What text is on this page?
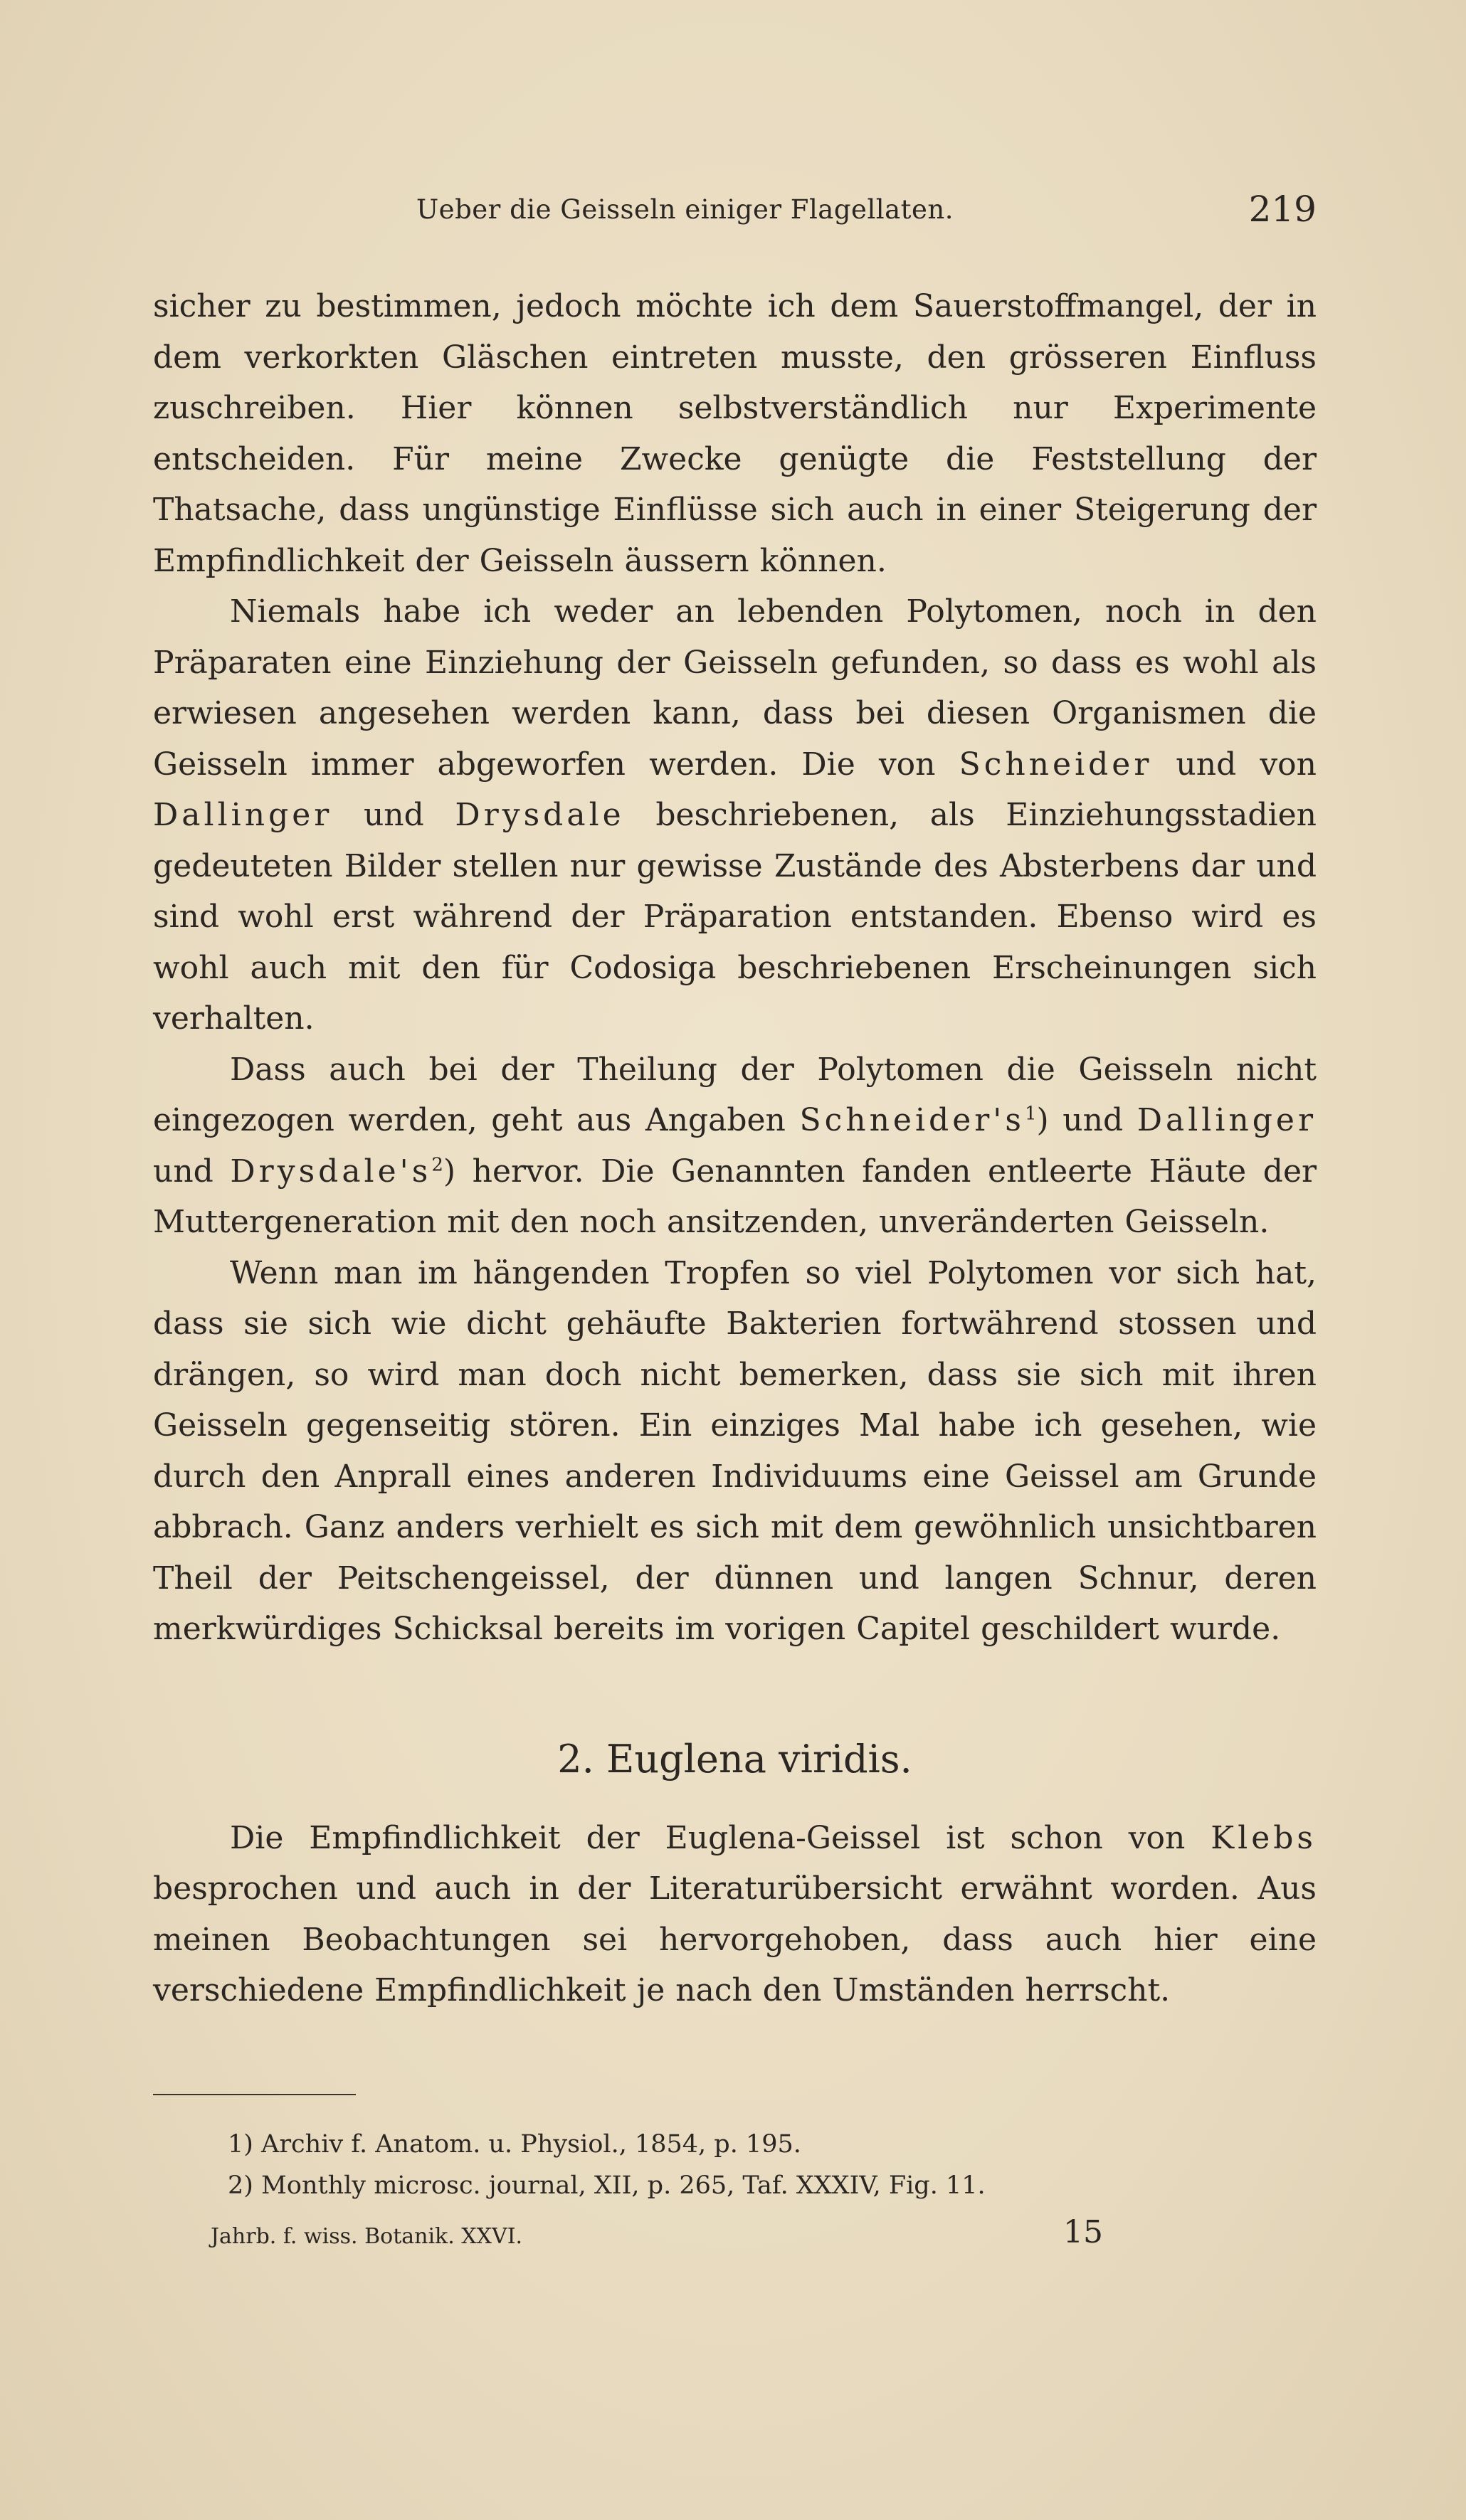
Ueber die Geisseln einiger Flagellaten.	219

sicher zu bestimmen, jedoch möchte ich dem Sauerstoffmangel, der in dem verkorkten Gläschen eintreten musste, den grösseren Einfluss zuschreiben. Hier können selbstverständlich nur Experimente entscheiden. Für meine Zwecke genügte die Feststellung der Thatsache, dass ungünstige Einflüsse sich auch in einer Steigerung der Empfindlichkeit der Geisseln äussern können.

Niemals habe ich weder an lebenden Polytomen, noch in den Präparaten eine Einziehung der Geisseln gefunden, so dass es wohl als erwiesen angesehen werden kann, dass bei diesen Organismen die Geisseln immer abgeworfen werden. Die von Schneider und von Dallinger und Drysdale beschriebenen, als Einziehungsstadien gedeuteten Bilder stellen nur gewisse Zustände des Absterbens dar und sind wohl erst während der Präparation entstanden. Ebenso wird es wohl auch mit den für Codosiga beschriebenen Erscheinungen sich verhalten.

Dass auch bei der Theilung der Polytomen die Geisseln nicht eingezogen werden, geht aus Angaben $Schneider's^1$) und Dallinger und $Drysdale's^2$) hervor. Die Genannten fanden entleerte Häute der Muttergeneration mit den noch ansitzenden, unveränderten Geisseln.

Wenn man im hängenden Tropfen so viel Polytomen vor sich hat, dass sie sich wie dicht gehäufte Bakterien fortwährend stossen und drängen, so wird man doch nicht bemerken, dass sie sich mit ihren Geisseln gegenseitig stören. Ein einziges Mal habe ich gesehen, wie durch den Anprall eines anderen Individuums eine Geissel am Grunde abbrach. Ganz anders verhielt es sich mit dem gewöhnlich unsichtbaren Theil der Peitschengeissel, der dünnen und langen Schnur, deren merkwürdiges Schicksal bereits im vorigen Capitel geschildert wurde.

2. Euglena viridis.

Die Empfindlichkeit der Euglena-Geissel ist schon von Klebs besprochen und auch in der Literaturübersicht erwähnt worden. Aus meinen Beobachtungen sei hervorgehoben, dass auch hier eine verschiedene Empfindlichkeit je nach den Umständen herrscht.

1) Archiv f. Anatom. u. Physiol., 1854, p. 195.

2) Monthly microsc. journal, XII, p. 265, Taf. XXXIV, Fig. 11.

Jahrb. f. wiss. Botanik. XXVI.	15
